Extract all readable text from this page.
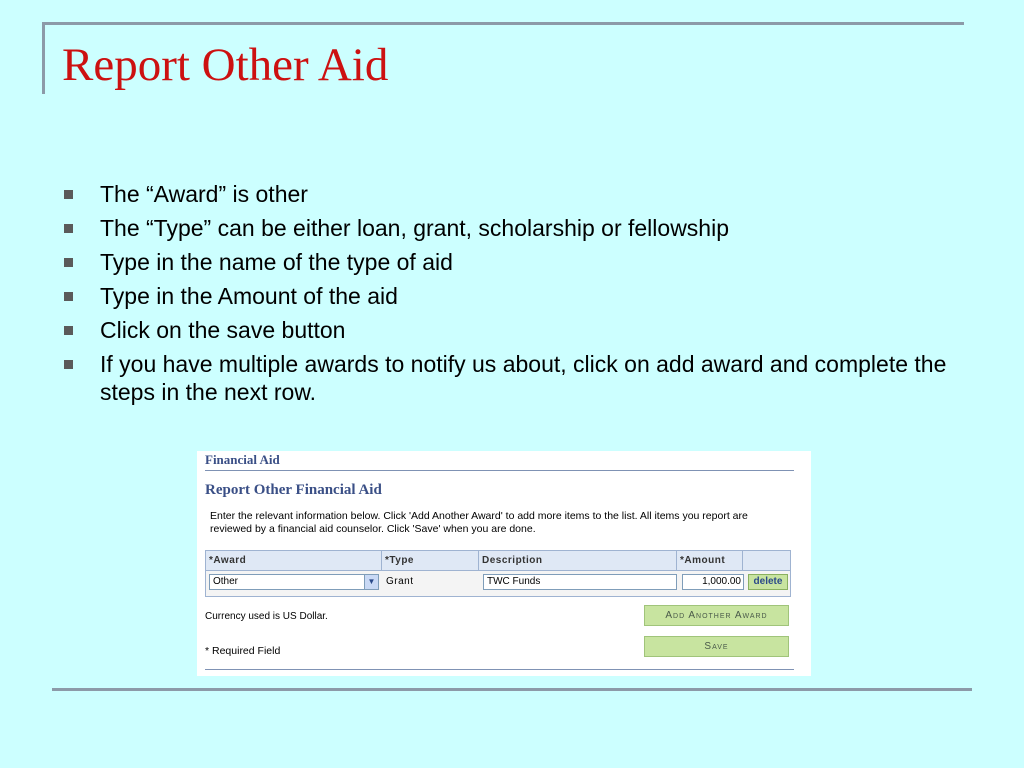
Report Other Aid
The “Award” is other
The “Type” can be either loan, grant, scholarship or fellowship
Type in the name of the type of aid
Type in the Amount of the aid
Click on the save button
If you have multiple awards to notify us about, click on add award and complete the steps in the next row.
Financial Aid
Report Other Financial Aid
Enter the relevant information below. Click 'Add Another Award' to add more items to the list. All items you report are reviewed by a financial aid counselor. Click 'Save' when you are done.
*Award	*Type	Description	*Amount
Other	▼ Grant	TWC Funds	1,000.00	delete
Currency used is US Dollar.
* Required Field
Add Another Award
Save
